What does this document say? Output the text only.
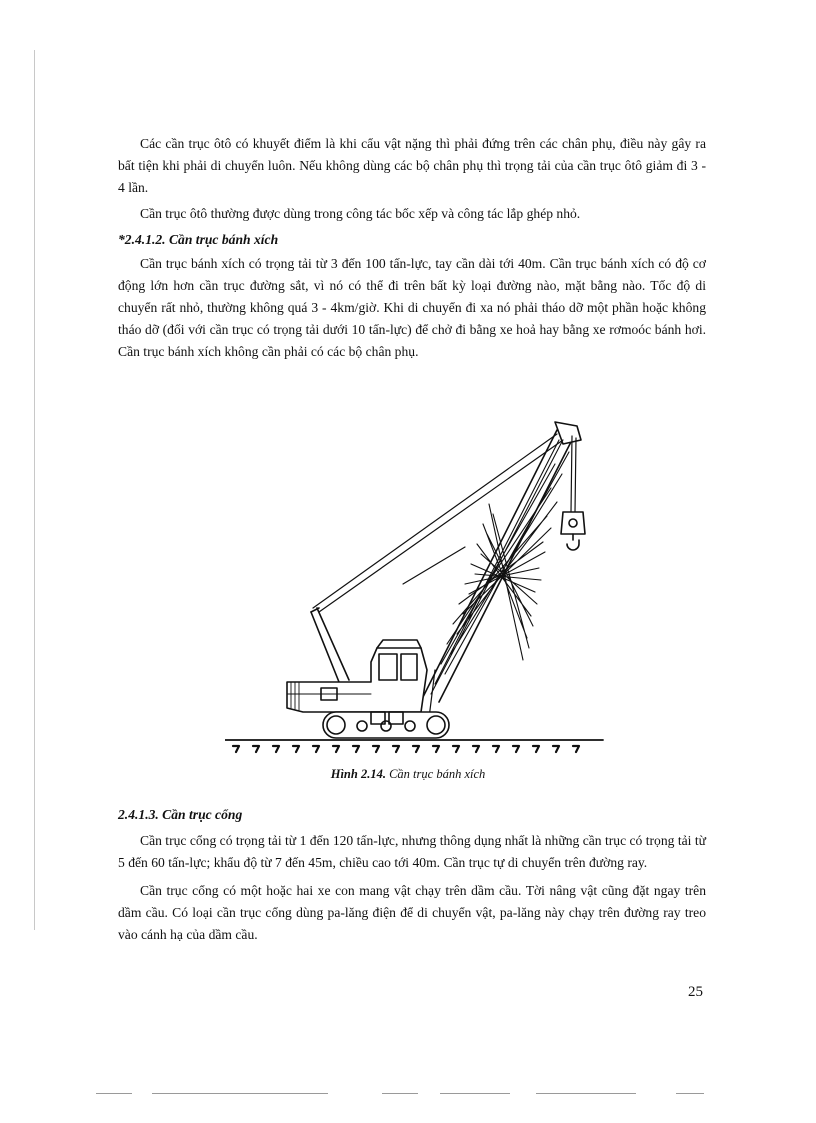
Các cần trục ôtô có khuyết điểm là khi cẩu vật nặng thì phải đứng trên các chân phụ, điều này gây ra bất tiện khi phải di chuyển luôn. Nếu không dùng các bộ chân phụ thì trọng tải của cần trục ôtô giảm đi 3 - 4 lần.

Cần trục ôtô thường được dùng trong công tác bốc xếp và công tác lắp ghép nhỏ.

*2.4.1.2. Cần trục bánh xích

Cần trục bánh xích có trọng tải từ 3 đến 100 tấn-lực, tay cần dài tới 40m. Cần trục bánh xích có độ cơ động lớn hơn cần trục đường sắt, vì nó có thể đi trên bất kỳ loại đường nào, mặt bằng nào. Tốc độ di chuyển rất nhỏ, thường không quá 3 - 4km/giờ. Khi di chuyển đi xa nó phải tháo dỡ một phần hoặc không tháo dỡ (đối với cần trục có trọng tải dưới 10 tấn-lực) để chở đi bằng xe hoả hay bằng xe rơmoóc bánh hơi. Cần trục bánh xích không cần phải có các bộ chân phụ.

Hình 2.14. Cần trục bánh xích

2.4.1.3. Cần trục cổng

Cần trục cổng có trọng tải từ 1 đến 120 tấn-lực, nhưng thông dụng nhất là những cần trục có trọng tải từ 5 đến 60 tấn-lực; khẩu độ từ 7 đến 45m, chiều cao tới 40m. Cần trục tự di chuyển trên đường ray.

Cần trục cổng có một hoặc hai xe con mang vật chạy trên dầm cầu. Tời nâng vật cũng đặt ngay trên dầm cầu. Có loại cần trục cổng dùng pa-lăng điện để di chuyển vật, pa-lăng này chạy trên đường ray treo vào cánh hạ của dầm cầu.

25
